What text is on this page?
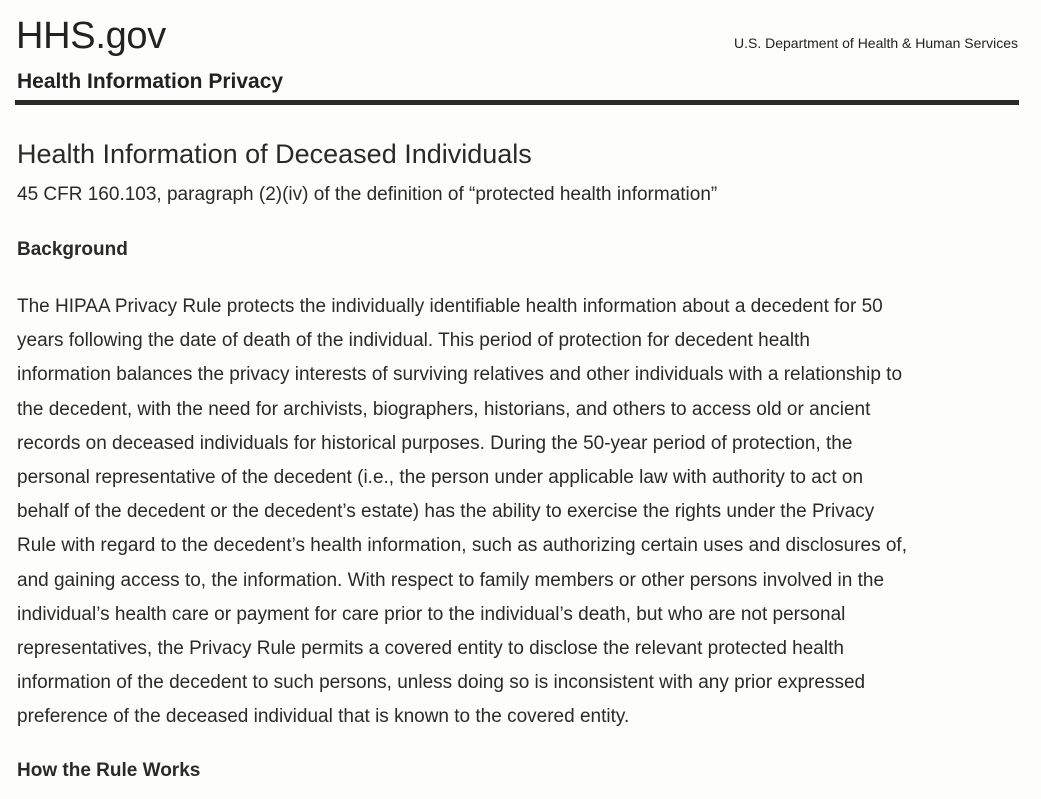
HHS.gov	U.S. Department of Health & Human Services
Health Information Privacy
Health Information of Deceased Individuals
45 CFR 160.103, paragraph (2)(iv) of the definition of “protected health information”
Background

The HIPAA Privacy Rule protects the individually identifiable health information about a decedent for 50
years following the date of death of the individual. This period of protection for decedent health
information balances the privacy interests of surviving relatives and other individuals with a relationship to
the decedent, with the need for archivists, biographers, historians, and others to access old or ancient
records on deceased individuals for historical purposes. During the 50-year period of protection, the
personal representative of the decedent (i.e., the person under applicable law with authority to act on
behalf of the decedent or the decedent’s estate) has the ability to exercise the rights under the Privacy
Rule with regard to the decedent’s health information, such as authorizing certain uses and disclosures of,
and gaining access to, the information. With respect to family members or other persons involved in the
individual’s health care or payment for care prior to the individual’s death, but who are not personal
representatives, the Privacy Rule permits a covered entity to disclose the relevant protected health
information of the decedent to such persons, unless doing so is inconsistent with any prior expressed
preference of the deceased individual that is known to the covered entity.

How the Rule Works
